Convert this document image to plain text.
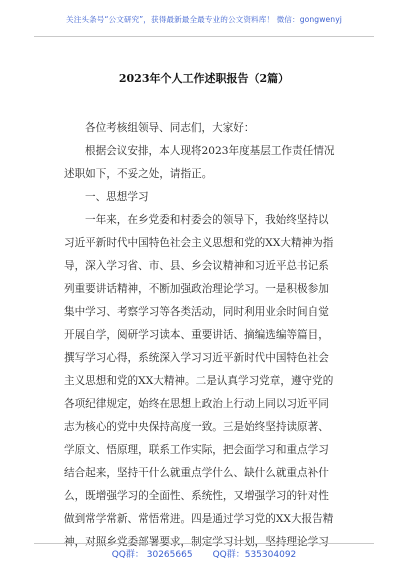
关注头条号“公文研究”，获得最新最全最专业的公文资料库！ 微信：gongwenyj
2023年个人工作述职报告（2篇）
各位考核组领导、同志们，大家好：
根据会议安排，本人现将2023年度基层工作责任情况
述职如下，不妥之处，请指正。
一、思想学习
一年来，在乡党委和村委会的领导下，我始终坚持以
习近平新时代中国特色社会主义思想和党的XX大精神为指
导，深入学习省、市、县、乡会议精神和习近平总书记系
列重要讲话精神，不断加强政治理论学习。一是积极参加
集中学习、考察学习等各类活动，同时利用业余时间自觉
开展自学，阅研学习读本、重要讲话、摘编选编等篇目，
撰写学习心得，系统深入学习习近平新时代中国特色社会
主义思想和党的XX大精神。二是认真学习党章，遵守党的
各项纪律规定，始终在思想上政治上行动上同以习近平同
志为核心的党中央保持高度一致。三是始终坚持读原著、
学原文、悟原理，联系工作实际，把会面学习和重点学习
结合起来，坚持干什么就重点学什么、缺什么就重点补什
么，既增强学习的全面性、系统性，又增强学习的针对性
做到常学常新、常悟常进。四是通过学习党的XX大报告精
神，对照乡党委部署要求，制定学习计划，坚持理论学习
QQ群： 30265665 QQ群：535304092
